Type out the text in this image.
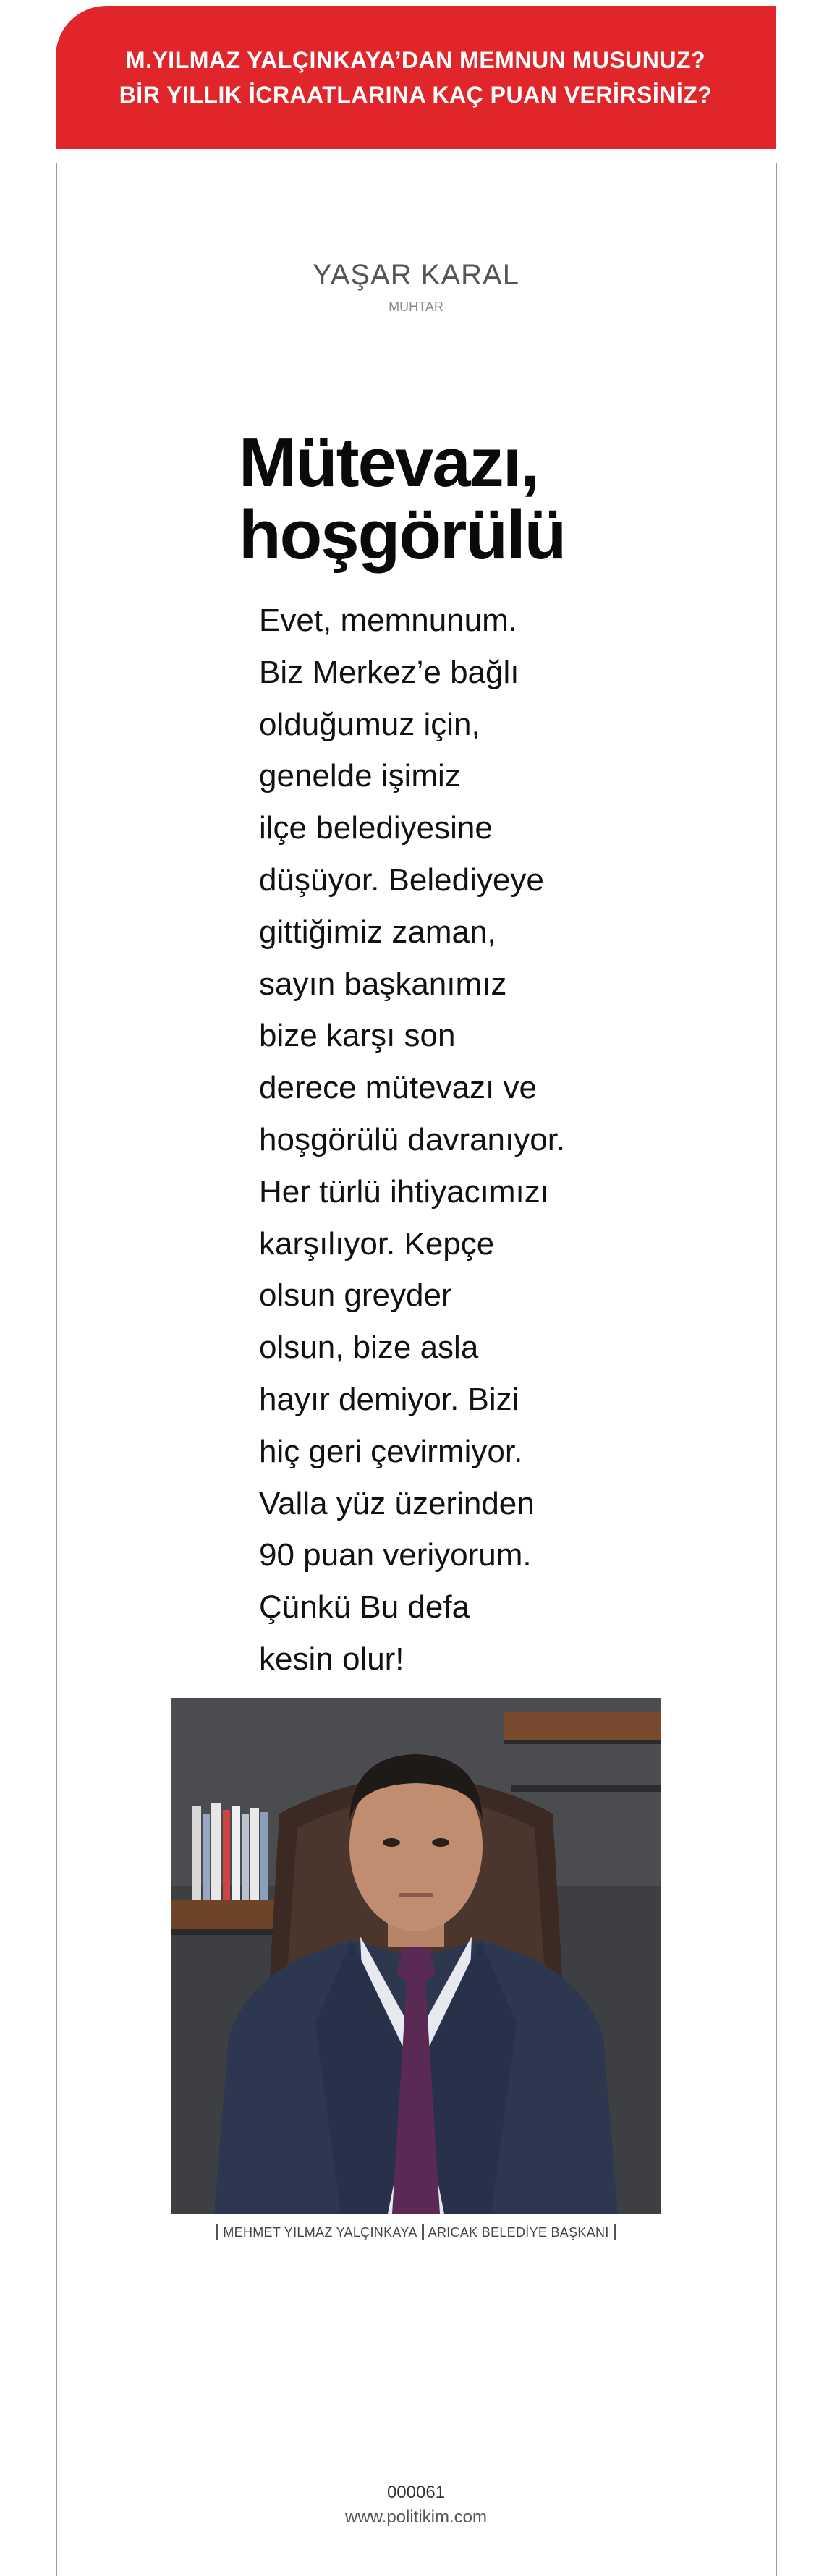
M.YILMAZ YALÇINKAYA’DAN MEMNUN MUSUNUZ?
BİR YILLIK İCRAATLARINA KAÇ PUAN VERİRSİNİZ?
YAŞAR KARAL
MUHTAR
Mütevazı,
hoşgörülü
Evet, memnunum.
Biz Merkez’e bağlı
olduğumuz için,
genelde işimiz
ilçe belediyesine
düşüyor. Belediyeye
gittiğimiz zaman,
sayın başkanımız
bize karşı son
derece mütevazı ve
hoşgörülü davranıyor.
Her türlü ihtiyacımızı
karşılıyor. Kepçe
olsun greyder
olsun, bize asla
hayır demiyor. Bizi
hiç geri çevirmiyor.
Valla yüz üzerinden
90 puan veriyorum.
Çünkü Bu defa
kesin olur!
MEHMET YILMAZ YALÇINKAYA ARICAK BELEDİYE BAŞKANI
000061
www.politikim.com
